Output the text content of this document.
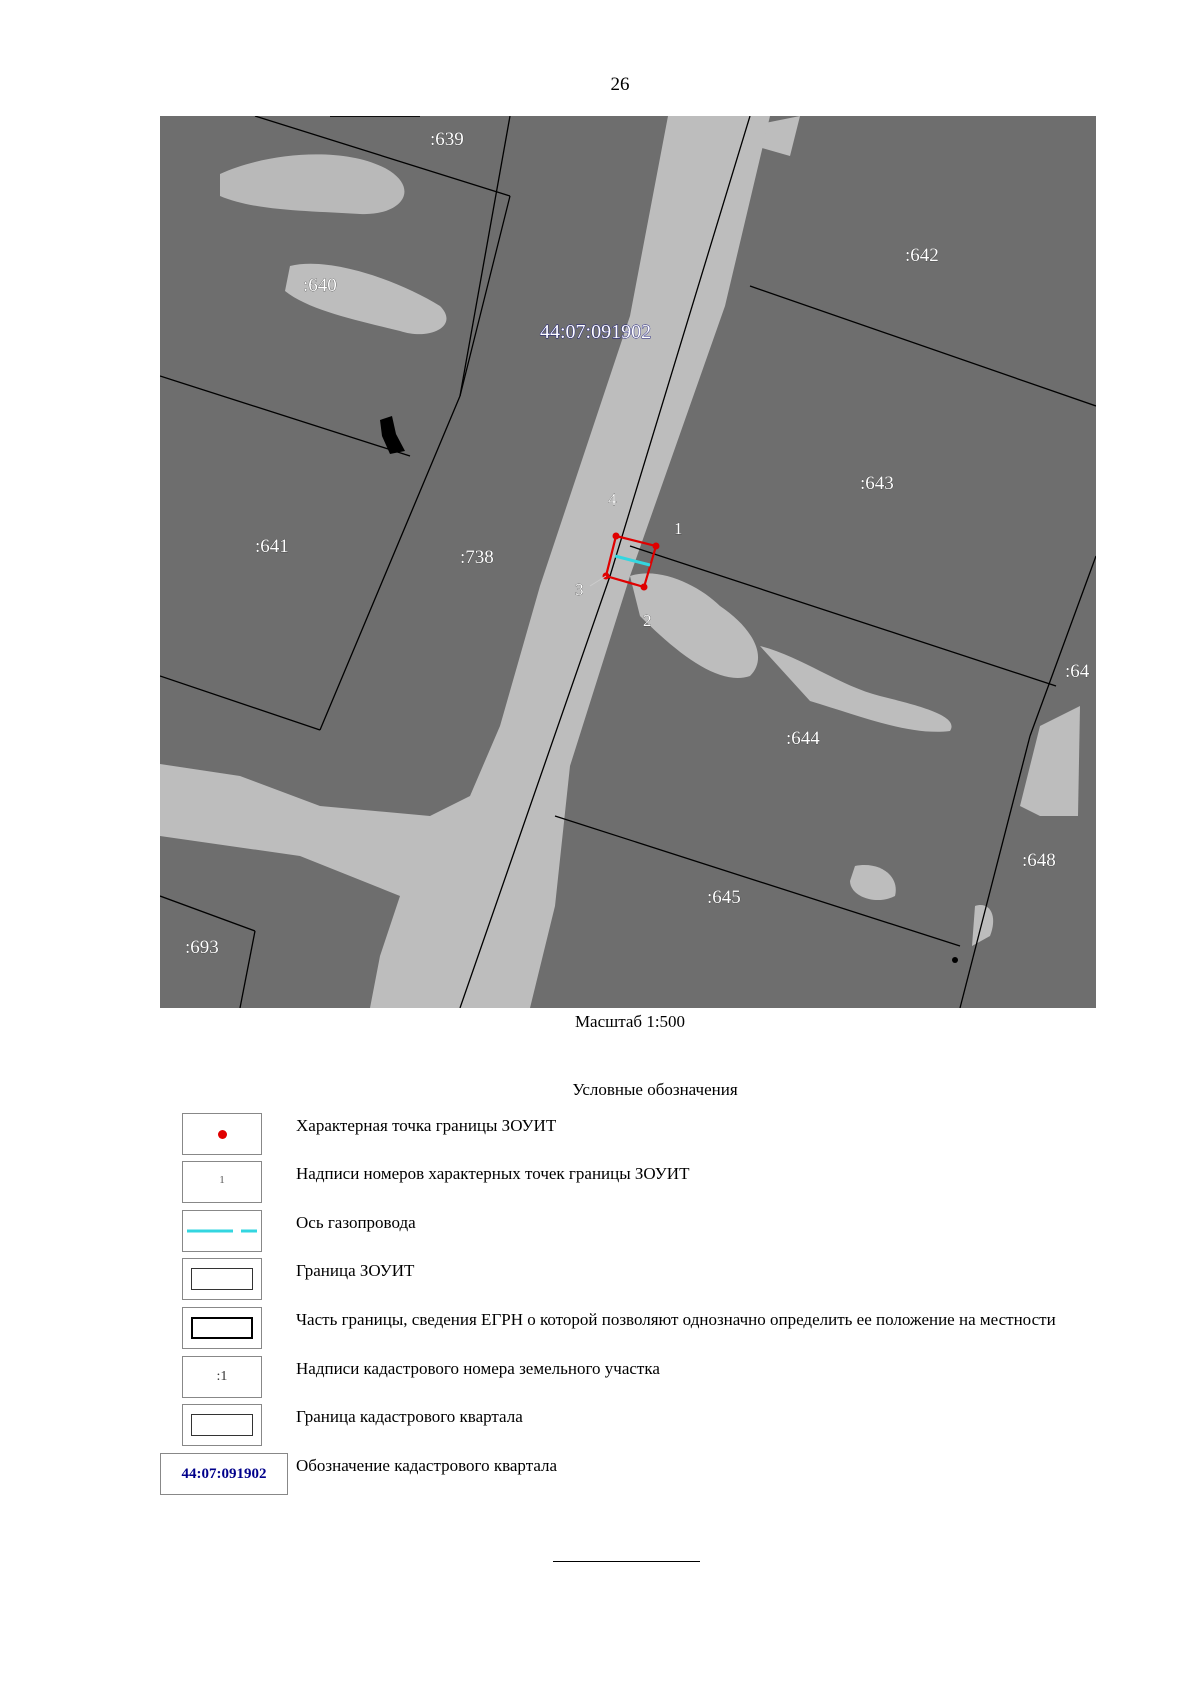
26
:639
:640
:641
:642
:643
:644
:645
:648
:693
:738
:64
44:07:091902
1
2
3
4
Масштаб 1:500
Условные обозначения
Характерная точка границы ЗОУИТ
1	Надписи номеров характерных точек границы ЗОУИТ
Ось газопровода
Граница ЗОУИТ
Часть границы, сведения ЕГРН о которой позволяют однозначно определить ее положение на местности
:1	Надписи кадастрового номера земельного участка
Граница кадастрового квартала
44:07:091902	Обозначение кадастрового квартала
